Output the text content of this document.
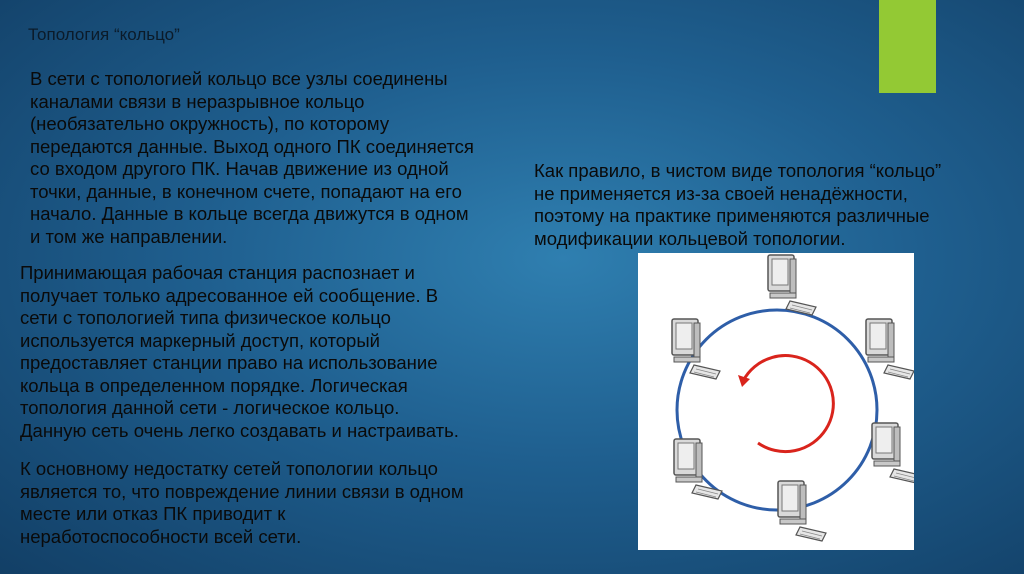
Топология “кольцо”
В сети с топологией кольцо все узлы соединены
каналами связи в неразрывное кольцо
(необязательно окружность), по которому
передаются данные. Выход одного ПК соединяется
со входом другого ПК. Начав движение из одной
точки, данные, в конечном счете, попадают на его
начало. Данные в кольце всегда движутся в одном
и том же направлении.
Принимающая рабочая станция распознает и
получает только адресованное ей сообщение. В
сети с топологией типа физическое кольцо
используется маркерный доступ, который
предоставляет станции право на использование
кольца в определенном порядке. Логическая
топология данной сети - логическое кольцо.
Данную сеть очень легко создавать и настраивать.
К основному недостатку сетей топологии кольцо
является то, что повреждение линии связи в одном
месте или отказ ПК приводит к
неработоспособности всей сети.
Как правило, в чистом виде топология “кольцо”
не применяется из-за своей ненадёжности,
поэтому на практике применяются различные
модификации кольцевой топологии.
